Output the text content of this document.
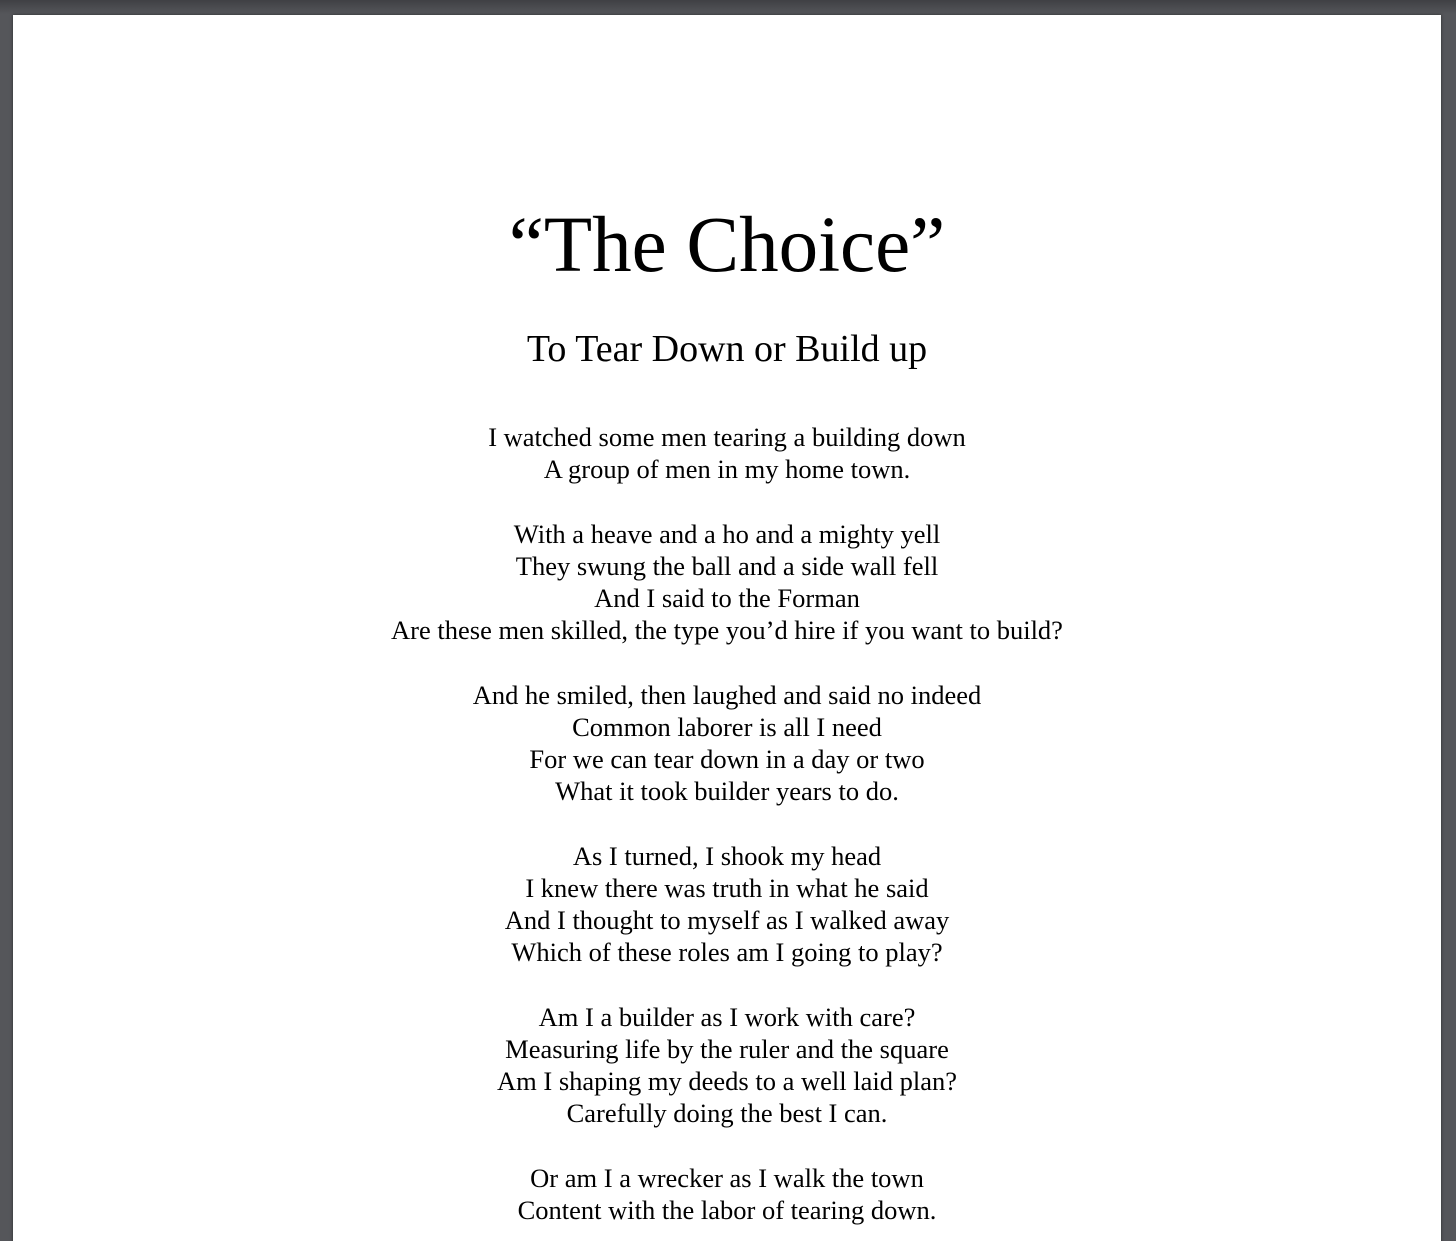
“The Choice”
To Tear Down or Build up
I watched some men tearing a building down
A group of men in my home town.
With a heave and a ho and a mighty yell
They swung the ball and a side wall fell
And I said to the Forman
Are these men skilled, the type you’d hire if you want to build?
And he smiled, then laughed and said no indeed
Common laborer is all I need
For we can tear down in a day or two
What it took builder years to do.
As I turned, I shook my head
I knew there was truth in what he said
And I thought to myself as I walked away
Which of these roles am I going to play?
Am I a builder as I work with care?
Measuring life by the ruler and the square
Am I shaping my deeds to a well laid plan?
Carefully doing the best I can.
Or am I a wrecker as I walk the town
Content with the labor of tearing down.
